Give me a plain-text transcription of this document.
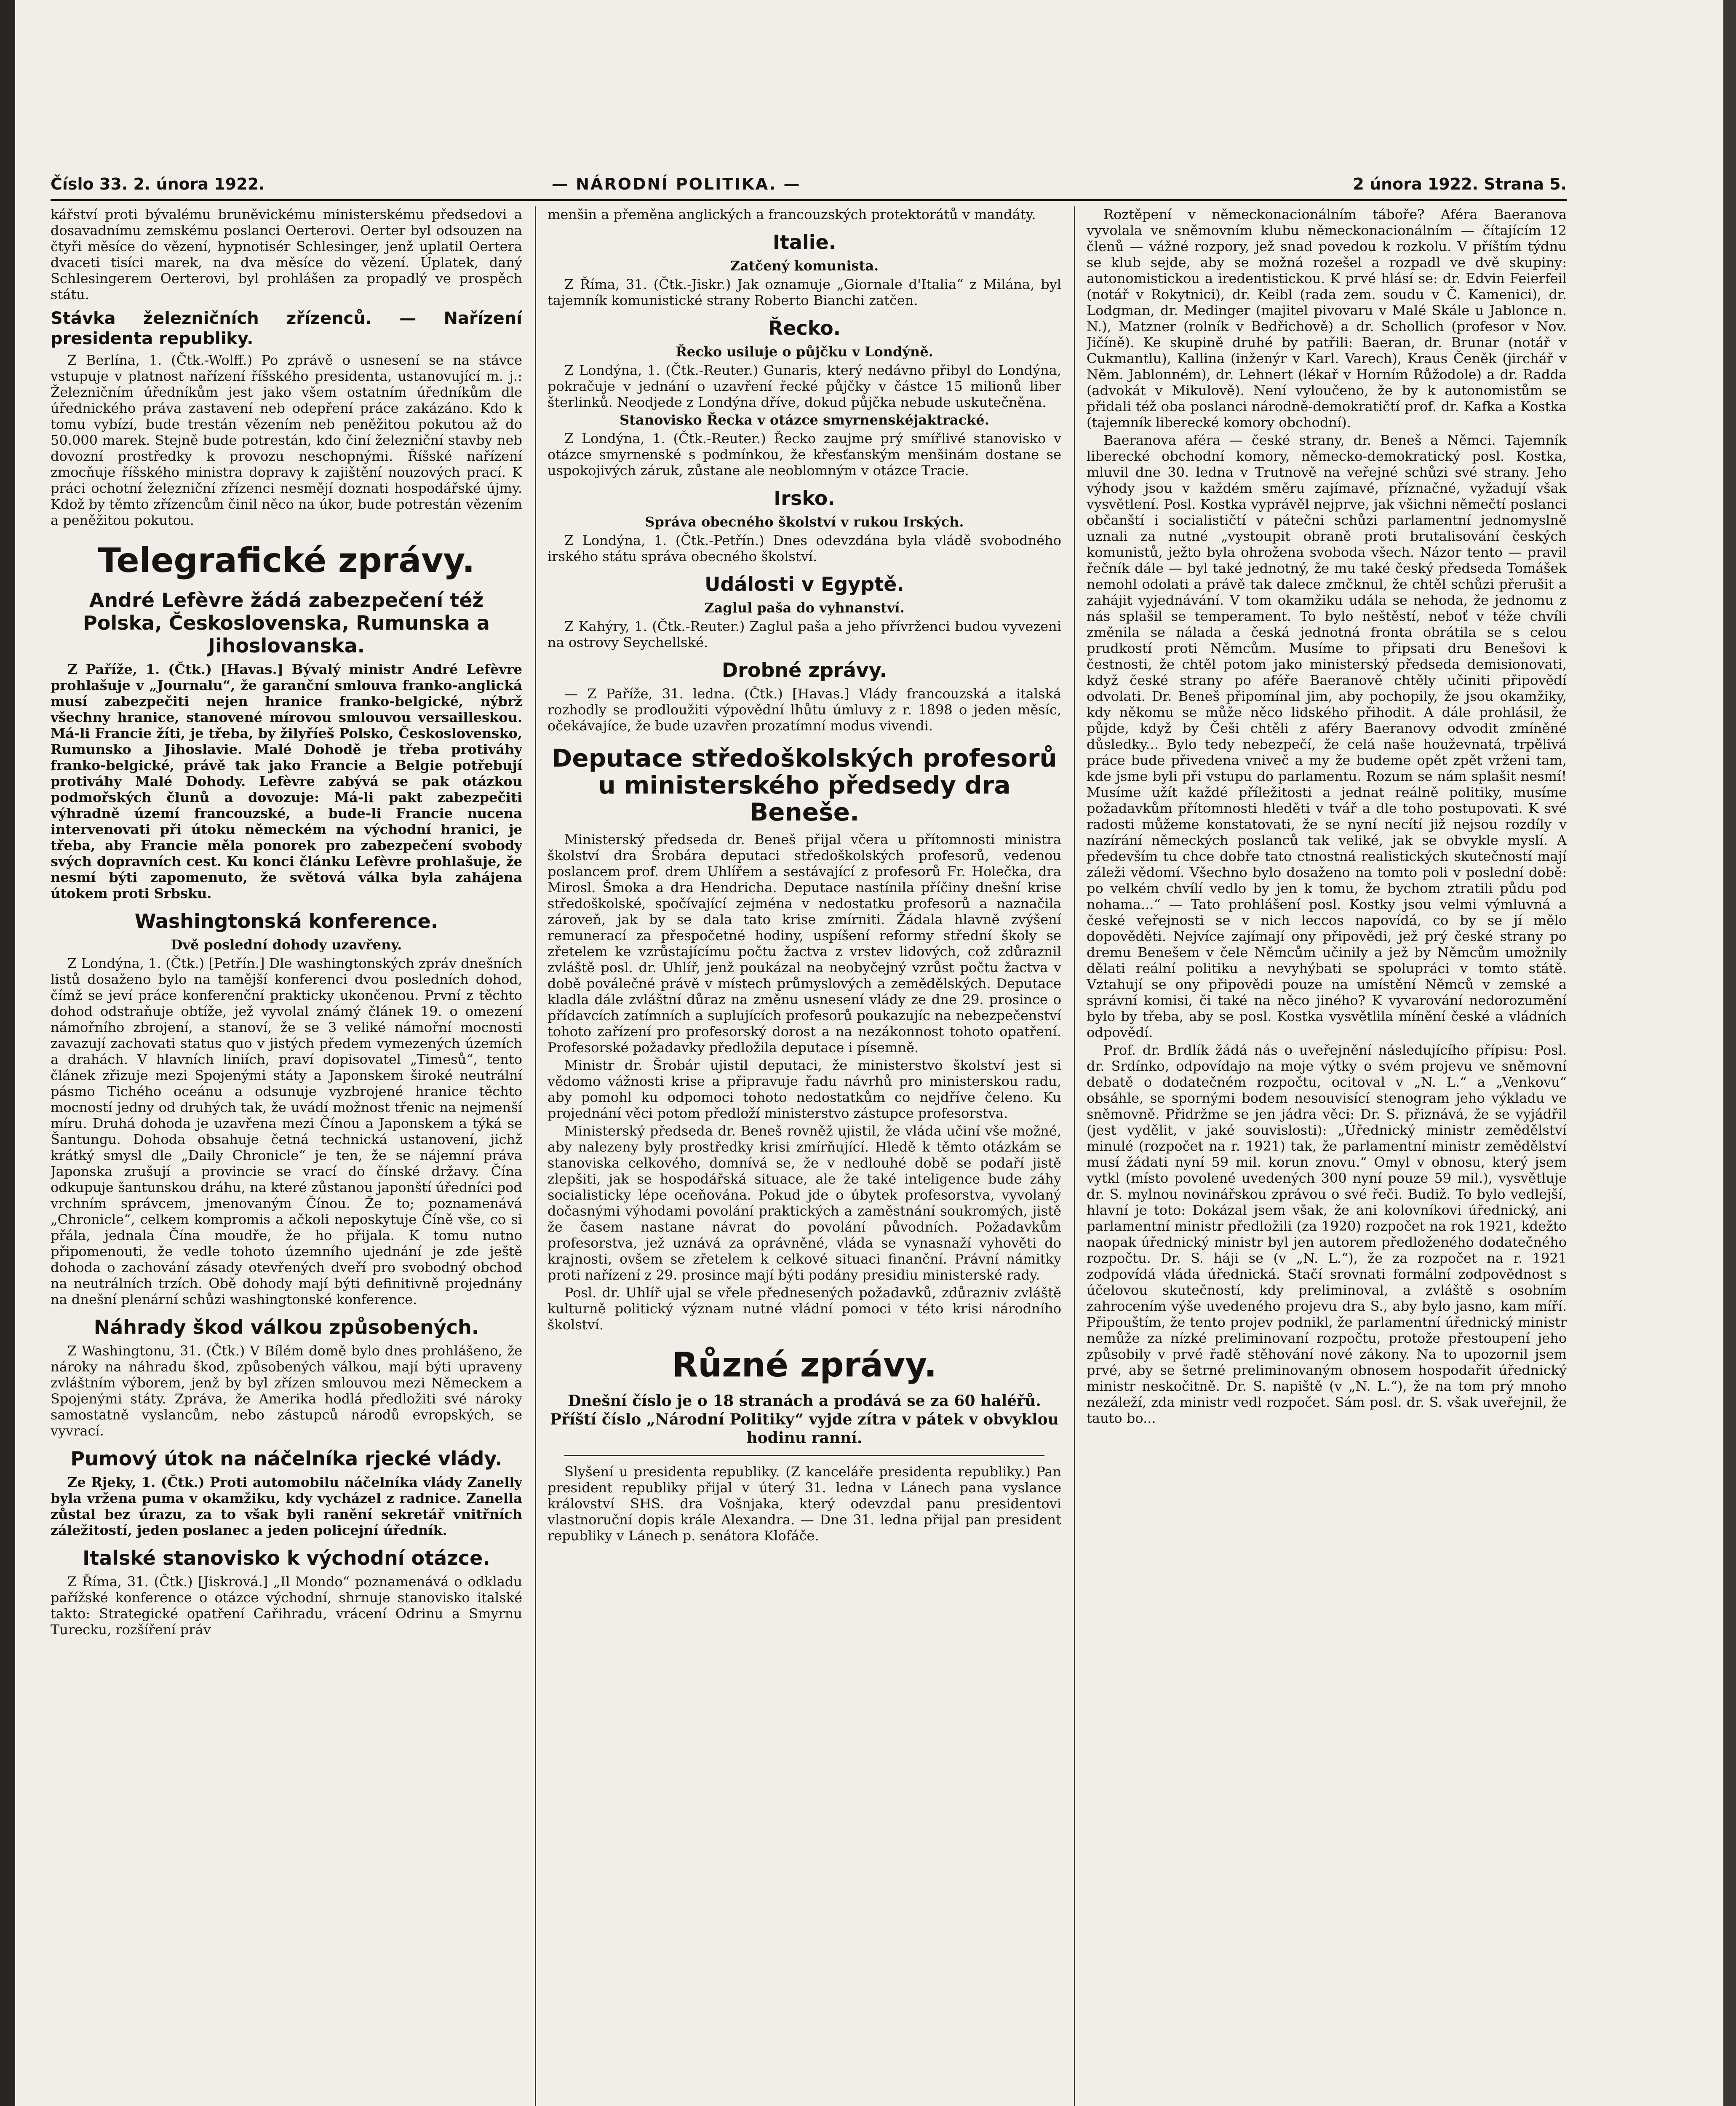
Číslo 33. 2. února 1922.	— NÁRODNÍ POLITIKA. —	2 února 1922. Strana 5.

kářství proti bývalému bruněvickému ministerskému předsedovi a dosavadnímu zemskému poslanci Oerterovi. Oerter byl odsouzen na čtyři měsíce do vězení, hypnotisér Schlesinger, jenž uplatil Oertera dvaceti tisíci marek, na dva měsíce do vězení. Úplatek, daný Schlesingerem Oerterovi, byl prohlášen za propadlý ve prospěch státu.

Stávka železničních zřízenců. — Nařízení presidenta republiky.

Z Berlína, 1. (Čtk.-Wolff.) Po zprávě o usnesení se na stávce vstupuje v platnost nařízení říšského presidenta, ustanovující m. j.: Železničním úředníkům jest jako všem ostatním úředníkům dle úřednického práva zastavení neb odepření práce zakázáno. Kdo k tomu vybízí, bude trestán vězením neb peněžitou pokutou až do 50.000 marek. Stejně bude potrestán, kdo činí železniční stavby neb dovozní prostředky k provozu neschopnými. Říšské nařízení zmocňuje říšského ministra dopravy k zajištění nouzových prací. K práci ochotní železniční zřízenci nesmějí doznati hospodářské újmy. Kdož by těmto zřízencům činil něco na úkor, bude potrestán vězením a peněžitou pokutou.

Telegrafické zprávy.
André Lefèvre žádá zabezpečení též Polska, Československa, Rumunska a Jihoslovanska.

Z Paříže, 1. (Čtk.) [Havas.] Bývalý ministr André Lefèvre prohlašuje v „Journalu“, že garanční smlouva franko-anglická musí zabezpečiti nejen hranice franko-belgické, nýbrž všechny hranice, stanovené mírovou smlouvou versailleskou. Má-li Francie žíti, je třeba, by žilyříeš Polsko, Československo, Rumunsko a Jihoslavie. Malé Dohodě je třeba protiváhy franko-belgické, právě tak jako Francie a Belgie potřebují protiváhy Malé Dohody. Lefèvre zabývá se pak otázkou podmořských člunů a dovozuje: Má-li pakt zabezpečiti výhradně území francouzské, a bude-li Francie nucena intervenovati při útoku německém na východní hranici, je třeba, aby Francie měla ponorek pro zabezpečení svobody svých dopravních cest. Ku konci článku Lefèvre prohlašuje, že nesmí býti zapomenuto, že světová válka byla zahájena útokem proti Srbsku.

Washingtonská konference.
Dvě poslední dohody uzavřeny.

Z Londýna, 1. (Čtk.) [Petřín.] Dle washingtonských zpráv dnešních listů dosaženo bylo na tamější konferenci dvou posledních dohod, čímž se jeví práce konferenční prakticky ukončenou. První z těchto dohod odstraňuje obtíže, jež vyvolal známý článek 19. o omezení námořního zbrojení, a stanoví, že se 3 veliké námořní mocnosti zavazují zachovati status quo v jistých předem vymezených územích a drahách. V hlavních liniích, praví dopisovatel „Timesů“, tento článek zřizuje mezi Spojenými státy a Japonskem široké neutrální pásmo Tichého oceánu a odsunuje vyzbrojené hranice těchto mocností jedny od druhých tak, že uvádí možnost třenic na nejmenší míru. Druhá dohoda je uzavřena mezi Čínou a Japonskem a týká se Šantungu. Dohoda obsahuje četná technická ustanovení, jichž krátký smysl dle „Daily Chronicle“ je ten, že se nájemní práva Japonska zrušují a provincie se vrací do čínské državy. Čína odkupuje šantunskou dráhu, na které zůstanou japonští úředníci pod vrchním správcem, jmenovaným Čínou. Že to; poznamenává „Chronicle“, celkem kompromis a ačkoli neposkytuje Číně vše, co si přála, jednala Čína moudře, že ho přijala. K tomu nutno připomenouti, že vedle tohoto územního ujednání je zde ještě dohoda o zachování zásady otevřených dveří pro svobodný obchod na neutrálních trzích. Obě dohody mají býti definitivně projednány na dnešní plenární schůzi washingtonské konference.

Náhrady škod válkou způsobených.

Z Washingtonu, 31. (Čtk.) V Bílém domě bylo dnes prohlášeno, že nároky na náhradu škod, způsobených válkou, mají býti upraveny zvláštním výborem, jenž by byl zřízen smlouvou mezi Německem a Spojenými státy. Zpráva, že Amerika hodlá předložiti své nároky samostatně vyslancům, nebo zástupců národů evropských, se vyvrací.

Pumový útok na náčelníka rjecké vlády.

Ze Rjeky, 1. (Čtk.) Proti automobilu náčelníka vlády Zanelly byla vržena puma v okamžiku, kdy vycházel z radnice. Zanella zůstal bez úrazu, za to však byli ranění sekretář vnitřních záležitostí, jeden poslanec a jeden policejní úředník.

Italské stanovisko k východní otázce.

Z Říma, 31. (Čtk.) [Jiskrová.] „Il Mondo“ poznamenává o odkladu pařížské konference o otázce východní, shrnuje stanovisko italské takto: Strategické opatření Cařihradu, vrácení Odrinu a Smyrnu Turecku, rozšíření práv

menšin a přeměna anglických a francouzských protektorátů v mandáty.

Italie.
Zatčený komunista.

Z Říma, 31. (Čtk.-Jiskr.) Jak oznamuje „Giornale d'Italia“ z Milána, byl tajemník komunistické strany Roberto Bianchi zatčen.

Řecko.
Řecko usiluje o půjčku v Londýně.

Z Londýna, 1. (Čtk.-Reuter.) Gunaris, který nedávno přibyl do Londýna, pokračuje v jednání o uzavření řecké půjčky v částce 15 milionů liber šterlinků. Neodjede z Londýna dříve, dokud půjčka nebude uskutečněna.

Stanovisko Řecka v otázce smyrnenskéjaktracké.

Z Londýna, 1. (Čtk.-Reuter.) Řecko zaujme prý smířlivé stanovisko v otázce smyrnenské s podmínkou, že křesťanským menšinám dostane se uspokojivých záruk, zůstane ale neoblomným v otázce Tracie.

Irsko.
Správa obecného školství v rukou Irských.

Z Londýna, 1. (Čtk.-Petřín.) Dnes odevzdána byla vládě svobodného irského státu správa obecného školství.

Události v Egyptě.
Zaglul paša do vyhnanství.

Z Kahýry, 1. (Čtk.-Reuter.) Zaglul paša a jeho přívrženci budou vyvezeni na ostrovy Seychellské.

Drobné zprávy.

— Z Paříže, 31. ledna. (Čtk.) [Havas.] Vlády francouzská a italská rozhodly se prodloužiti výpovědní lhůtu úmluvy z r. 1898 o jeden měsíc, očekávajíce, že bude uzavřen prozatímní modus vivendi.

Deputace středoškolských profesorů u ministerského předsedy dra Beneše.

Ministerský předseda dr. Beneš přijal včera u přítomnosti ministra školství dra Šrobára deputaci středoškolských profesorů, vedenou poslancem prof. drem Uhlířem a sestávající z profesorů Fr. Holečka, dra Mirosl. Šmoka a dra Hendricha. Deputace nastínila příčiny dnešní krise středoškolské, spočívající zejména v nedostatku profesorů a naznačila zároveň, jak by se dala tato krise zmírniti. Žádala hlavně zvýšení remunerací za přespočetné hodiny, uspíšení reformy střední školy se zřetelem ke vzrůstajícímu počtu žactva z vrstev lidových, což zdůraznil zvláště posl. dr. Uhlíř, jenž poukázal na neobyčejný vzrůst počtu žactva v době poválečné právě v místech průmyslových a zemědělských. Deputace kladla dále zvláštní důraz na změnu usnesení vlády ze dne 29. prosince o přídavcích zatímních a suplujících profesorů poukazujíc na nebezpečenství tohoto zařízení pro profesorský dorost a na nezákonnost tohoto opatření. Profesorské požadavky předložila deputace i písemně.

Ministr dr. Šrobár ujistil deputaci, že ministerstvo školství jest si vědomo vážnosti krise a připravuje řadu návrhů pro ministerskou radu, aby pomohl ku odpomoci tohoto nedostatkům co nejdříve čeleno. Ku projednání věci potom předloží ministerstvo zástupce profesorstva.

Ministerský předseda dr. Beneš rovněž ujistil, že vláda učiní vše možné, aby nalezeny byly prostředky krisi zmírňující. Hledě k těmto otázkám se stanoviska celkového, domnívá se, že v nedlouhé době se podaří jistě zlepšiti, jak se hospodářská situace, ale že také inteligence bude záhy socialisticky lépe oceňována. Pokud jde o úbytek profesorstva, vyvolaný dočasnými výhodami povolání praktických a zaměstnání soukromých, jistě že časem nastane návrat do povolání původních. Požadavkům profesorstva, jež uznává za oprávněné, vláda se vynasnaží vyhověti do krajnosti, ovšem se zřetelem k celkové situaci finanční. Právní námitky proti nařízení z 29. prosince mají býti podány presidiu ministerské rady.

Posl. dr. Uhlíř ujal se vřele přednesených požadavků, zdůrazniv zvláště kulturně politický význam nutné vládní pomoci v této krisi národního školství.

Různé zprávy.
Dnešní číslo je o 18 stranách a prodává se za 60 haléřů.
Příští číslo „Národní Politiky“ vyjde zítra v pátek v obvyklou hodinu ranní.

Slyšení u presidenta republiky. (Z kanceláře presidenta republiky.) Pan president republiky přijal v úterý 31. ledna v Lánech pana vyslance království SHS. dra Vošnjaka, který odevzdal panu presidentovi vlastnoruční dopis krále Alexandra. — Dne 31. ledna přijal pan president republiky v Lánech p. senátora Klofáče.

Roztěpení v německonacionálním táboře? Aféra Baeranova vyvolala ve sněmovním klubu německonacionálním — čítajícím 12 členů — vážné rozpory, jež snad povedou k rozkolu. V příštím týdnu se klub sejde, aby se možná rozešel a rozpadl ve dvě skupiny: autonomistickou a iredentistickou. K prvé hlásí se: dr. Edvin Feierfeil (notář v Rokytnici), dr. Keibl (rada zem. soudu v Č. Kamenici), dr. Lodgman, dr. Medinger (majitel pivovaru v Malé Skále u Jablonce n. N.), Matzner (rolník v Bedřichově) a dr. Schollich (profesor v Nov. Jičíně). Ke skupině druhé by patřili: Baeran, dr. Brunar (notář v Cukmantlu), Kallina (inženýr v Karl. Varech), Kraus Čeněk (jirchář v Něm. Jablonném), dr. Lehnert (lékař v Horním Růžodole) a dr. Radda (advokát v Mikulově). Není vyloučeno, že by k autonomistům se přidali též oba poslanci národně-demokratičtí prof. dr. Kafka a Kostka (tajemník liberecké komory obchodní).

Baeranova aféra — české strany, dr. Beneš a Němci. Tajemník liberecké obchodní komory, německo-demokratický posl. Kostka, mluvil dne 30. ledna v Trutnově na veřejné schůzi své strany. Jeho výhody jsou v každém směru zajímavé, příznačné, vyžadují však vysvětlení. Posl. Kostka vyprávěl nejprve, jak všichni němečtí poslanci občanští i socialističtí v pátečni schůzi parlamentní jednomyslně uznali za nutné „vystoupit obraně proti brutalisování českých komunistů, ježto byla ohrožena svoboda všech. Názor tento — pravil řečník dále — byl také jednotný, že mu také český předseda Tomášek nemohl odolati a právě tak dalece zmčknul, že chtěl schůzi přerušit a zahájit vyjednávání. V tom okamžiku udála se nehoda, že jednomu z nás splašil se temperament. To bylo neštěstí, neboť v téže chvíli změnila se nálada a česká jednotná fronta obrátila se s celou prudkostí proti Němcům. Musíme to připsati dru Benešovi k čestnosti, že chtěl potom jako ministerský předseda demisionovati, když české strany po aféře Baeranově chtěly učiniti připovědí odvolati. Dr. Beneš připomínal jim, aby pochopily, že jsou okamžiky, kdy někomu se může něco lidského přihodit. A dále prohlásil, že půjde, když by Češi chtěli z aféry Baeranovy odvodit zmíněné důsledky... Bylo tedy nebezpečí, že celá naše houževnatá, trpělivá práce bude přivedena vniveč a my že budeme opět zpět vrženi tam, kde jsme byli při vstupu do parlamentu. Rozum se nám splašit nesmí! Musíme užít každé příležitosti a jednat reálně politiky, musíme požadavkům přítomnosti hleděti v tvář a dle toho postupovati. K své radosti můžeme konstatovati, že se nyní necítí již nejsou rozdíly v nazírání německých poslanců tak veliké, jak se obvykle myslí. A především tu chce dobře tato ctnostná realistických skutečností mají záleži vědomí. Všechno bylo dosaženo na tomto poli v poslední době: po velkém chvílí vedlo by jen k tomu, že bychom ztratili půdu pod nohama...“ — Tato prohlášení posl. Kostky jsou velmi výmluvná a české veřejnosti se v nich leccos napovídá, co by se jí mělo dopověděti. Nejvíce zajímají ony připovědi, jež prý české strany po dremu Benešem v čele Němcům učinily a jež by Němcům umožnily dělati reální politiku a nevyhýbati se spolupráci v tomto státě. Vztahují se ony připovědi pouze na umístění Němců v zemské a správní komisi, či také na něco jiného? K vyvarování nedorozumění bylo by třeba, aby se posl. Kostka vysvětlila mínění české a vládních odpovědí.

Prof. dr. Brdlík žádá nás o uveřejnění následujícího přípisu: Posl. dr. Srdínko, odpovídajo na moje výtky o svém projevu ve sněmovní debatě o dodatečném rozpočtu, ocitoval v „N. L.“ a „Venkovu“ obsáhle, se spornými bodem nesouvisící stenogram jeho výkladu ve sněmovně. Přidržme se jen jádra věci: Dr. S. přiznává, že se vyjádřil (jest vydělit, v jaké souvislosti): „Úřednický ministr zemědělství minulé (rozpočet na r. 1921) tak, že parlamentní ministr zemědělství musí žádati nyní 59 mil. korun znovu.“ Omyl v obnosu, který jsem vytkl (místo povolené uvedených 300 nyní pouze 59 mil.), vysvětluje dr. S. mylnou novinářskou zprávou o své řeči. Budiž. To bylo vedlejší, hlavní je toto: Dokázal jsem však, že ani kolovníkovi úřednický, ani parlamentní ministr předložili (za 1920) rozpočet na rok 1921, kdežto naopak úřednický ministr byl jen autorem předloženého dodatečného rozpočtu. Dr. S. háji se (v „N. L.“), že za rozpočet na r. 1921 zodpovídá vláda úřednická. Stačí srovnati formální zodpovědnost s účelovou skutečností, kdy preliminoval, a zvláště s osobním zahrocením výše uvedeného projevu dra S., aby bylo jasno, kam míří. Připouštím, že tento projev podnikl, že parlamentní úřednický ministr nemůže za nízké preliminovaní rozpočtu, protože přestoupení jeho způsobily v prvé řadě stěhování nové zákony. Na to upozornil jsem prvé, aby se šetrné preliminovaným obnosem hospodařit úřednický ministr neskočitně. Dr. S. napiště (v „N. L.“), že na tom prý mnoho nezáleží, zda ministr vedl rozpočet. Sám posl. dr. S. však uveřejnil, že tauto bo...
